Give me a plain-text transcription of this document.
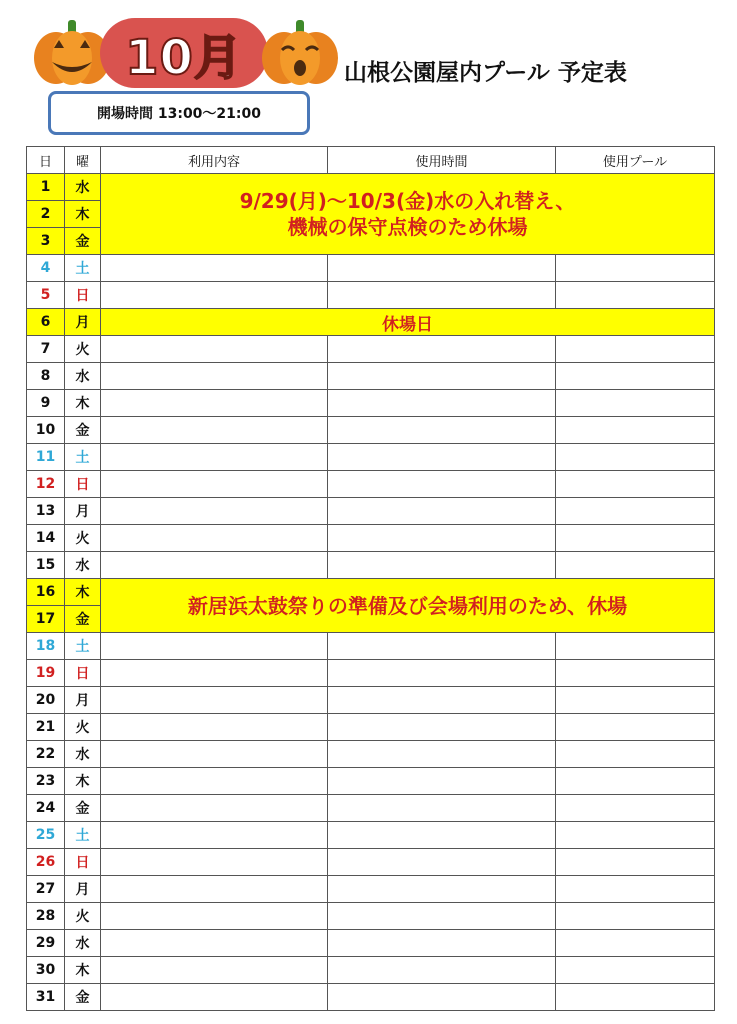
10月	山根公園屋内プール 予定表
開場時間 13:00〜21:00
日	曜	利用内容	使用時間	使用プール
1	水	9/29(月)〜10/3(金)水の入れ替え、
機械の保守点検のため休場		

2	木			
3	金			
4	土			
5	日			
6	月	休場日		
7	火			
8	水			
9	木			
10	金			
11	土			
12	日			
13	月			
14	火			
15	水			
16	木	新居浜太鼓祭りの準備及び会場利用のため、休場		
17	金			
18	土			
19	日			
20	月			
21	火			
22	水			
23	木			
24	金			
25	土			
26	日			
27	月			
28	火			
29	水			
30	木			
31	金			
